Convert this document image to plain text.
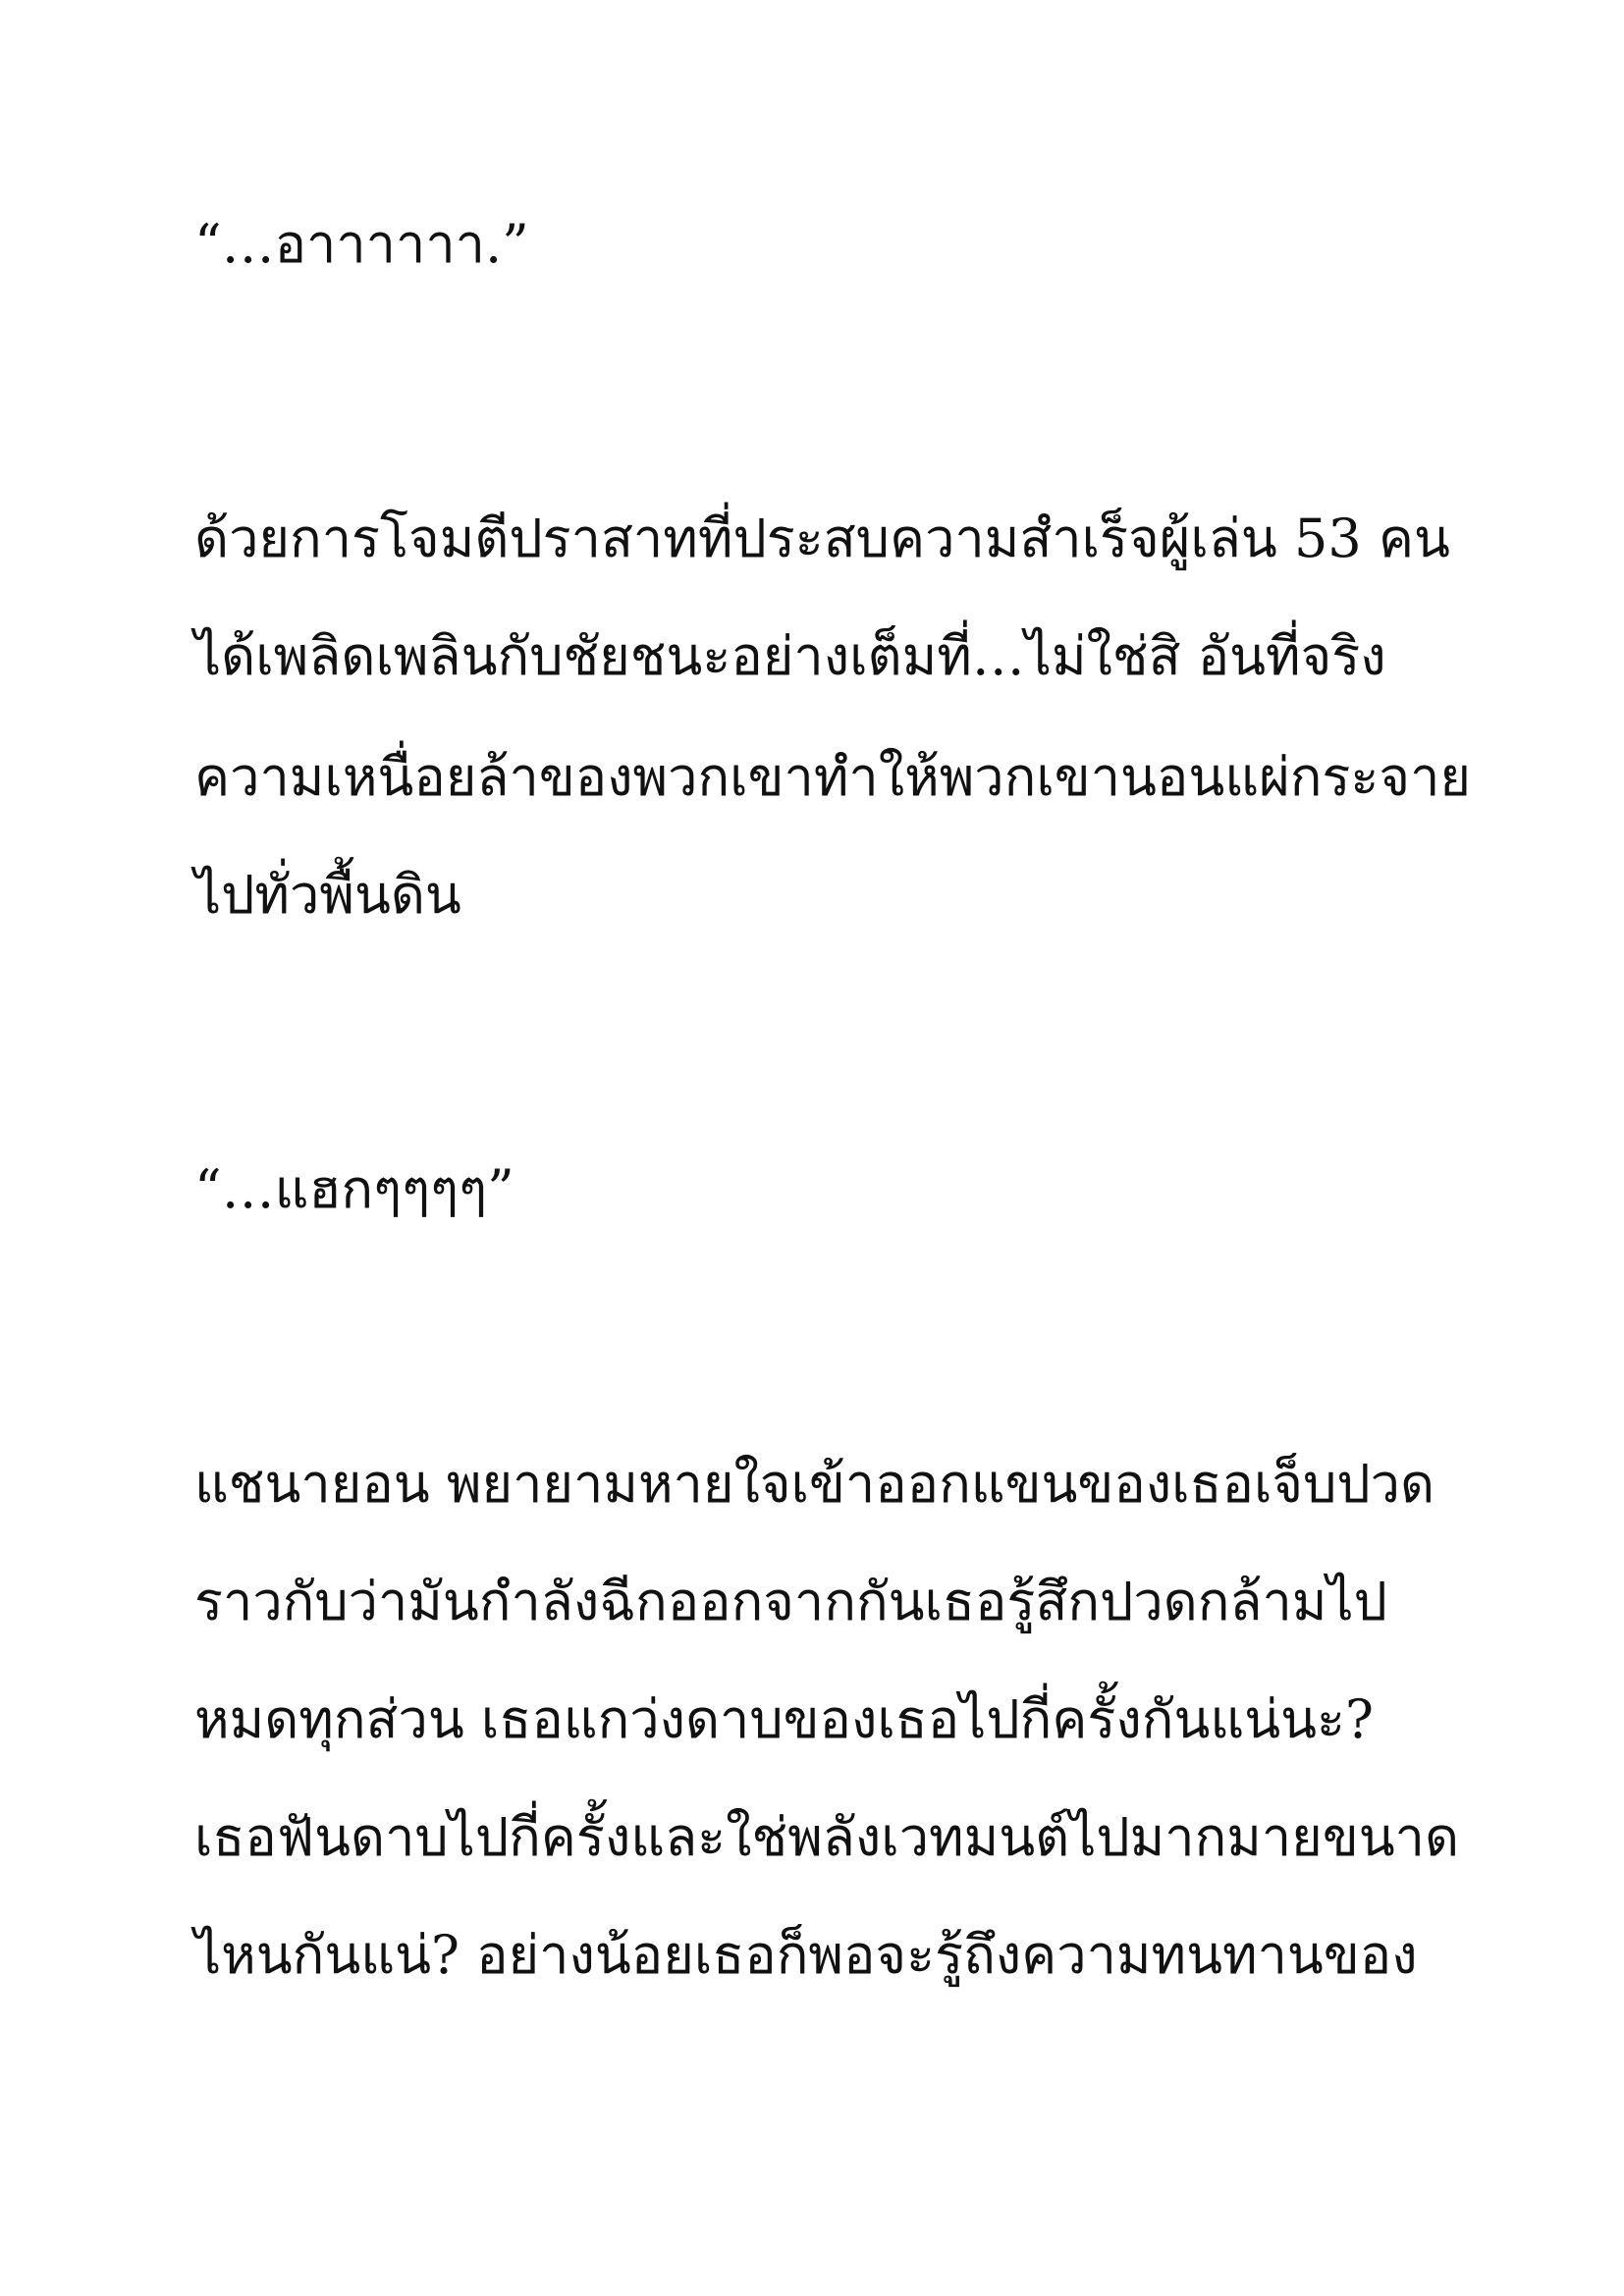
“…อาาาาาา.”

ด้วยการโจมตีปราสาทที่ประสบความสำเร็จผู้เล่น 53 คน

ได้เพลิดเพลินกับชัยชนะอย่างเต็มที่…ไม่ใช่สิ อันที่จริง

ความเหนื่อยล้าของพวกเขาทำให้พวกเขานอนแผ่กระจาย

ไปทั่วพื้นดิน

“…แฮกๆๆๆๆ”

แชนายอน พยายามหายใจเข้าออกแขนของเธอเจ็บปวด

ราวกับว่ามันกำลังฉีกออกจากกันเธอรู้สึกปวดกล้ามไป

หมดทุกส่วน เธอแกว่งดาบของเธอไปกี่ครั้งกันแน่นะ?

เธอฟันดาบไปกี่ครั้งและใช่พลังเวทมนต์ไปมากมายขนาด

ไหนกันแน่? อย่างน้อยเธอก็พอจะรู้ถึงความทนทานของ
